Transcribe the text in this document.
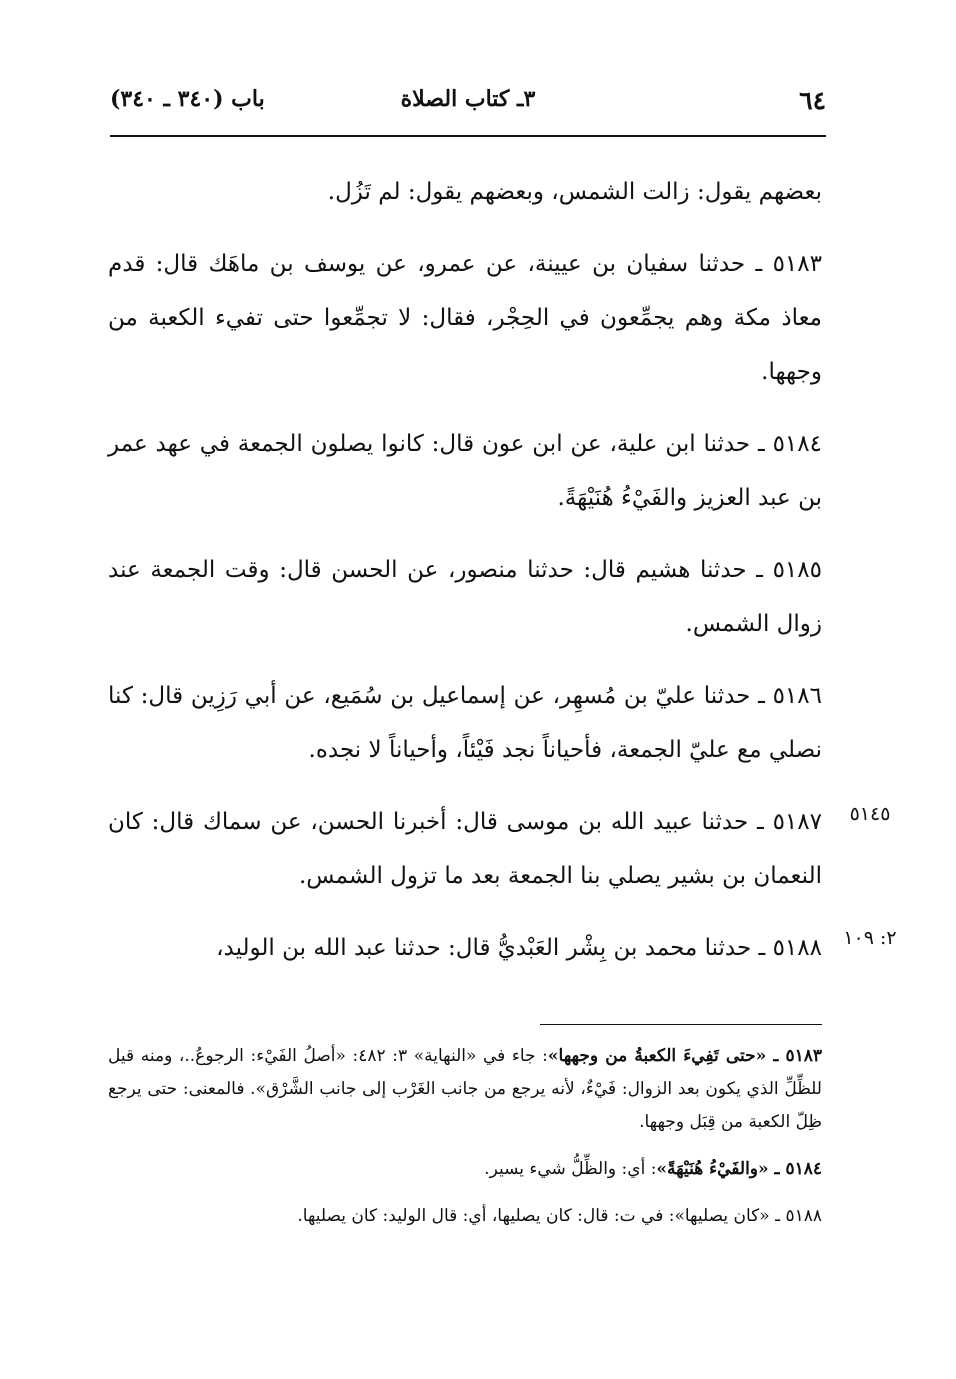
٦٤
٣ـ كتاب الصلاة
باب (٣٤٠ ـ ٣٤٠)

بعضهم يقول: زالت الشمس، وبعضهم يقول: لم تَزُل.

٥١٨٣ ـ حدثنا سفيان بن عيينة، عن عمرو، عن يوسف بن ماهَك قال: قدم معاذ مكة وهم يجمِّعون في الحِجْر، فقال: لا تجمِّعوا حتى تفيء الكعبة من وجهها.

٥١٨٤ ـ حدثنا ابن علية، عن ابن عون قال: كانوا يصلون الجمعة في عهد عمر بن عبد العزيز والفَيْءُ هُنَيْهَةً.

٥١٨٥ ـ حدثنا هشيم قال: حدثنا منصور، عن الحسن قال: وقت الجمعة عند زوال الشمس.

٥١٨٦ ـ حدثنا عليّ بن مُسهِر، عن إسماعيل بن سُمَيع، عن أبي رَزِين قال: كنا نصلي مع عليّ الجمعة، فأحياناً نجد فَيْئاً، وأحياناً لا نجده.

٥١٨٧ ـ حدثنا عبيد الله بن موسى قال: أخبرنا الحسن، عن سماك قال: كان النعمان بن بشير يصلي بنا الجمعة بعد ما تزول الشمس.

٥١٨٨ ـ حدثنا محمد بن بِشْر العَبْديُّ قال: حدثنا عبد الله بن الوليد،

٥١٤٥
٢: ١٠٩

٥١٨٣ ـ «حتى تَفِيءَ الكعبةُ من وجهها»: جاء في «النهاية» ٣: ٤٨٢: «أصلُ الفَيْء: الرجوعُ..، ومنه قيل للظِّلِّ الذي يكون بعد الزوال: فَيْءٌ، لأنه يرجع من جانب الغَرْب إلى جانب الشَّرْق». فالمعنى: حتى يرجع ظِلّ الكعبة من قِبَل وجهها.

٥١٨٤ ـ «والفَيْءُ هُنَيْهَةً»: أي: والظِّلُّ شيء يسير.

٥١٨٨ ـ «كان يصليها»: في ت: قال: كان يصليها، أي: قال الوليد: كان يصليها.
